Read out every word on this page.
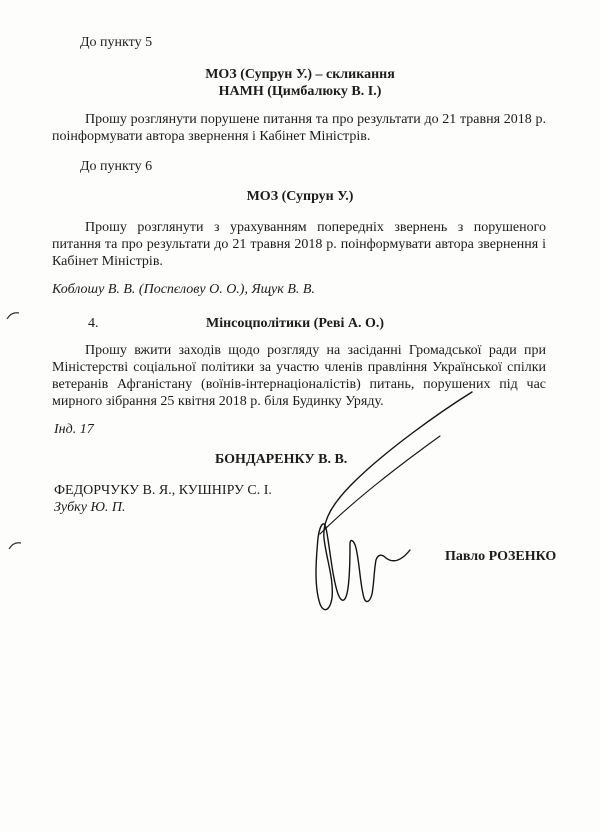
До пункту 5

МОЗ (Супрун У.) – скликання

НАМН (Цимбалюку В. І.)

Прошу розглянути порушене питання та про результати до 21 травня 2018 р. поінформувати автора звернення і Кабінет Міністрів.

До пункту 6

МОЗ (Супрун У.)

Прошу розглянути з урахуванням попередніх звернень з порушеного питання та про результати до 21 травня 2018 р. поінформувати автора звернення і Кабінет Міністрів.

Коблошу В. В. (Поспєлову О. О.), Ящук В. В.

4.	Мінсоцполітики (Реві А. О.)

Прошу вжити заходів щодо розгляду на засіданні Громадської ради при Міністерстві соціальної політики за участю членів правління Української спілки ветеранів Афганістану (воїнів-інтернаціоналістів) питань, порушених під час мирного зібрання 25 квітня 2018 р. біля Будинку Уряду.

Інд. 17

БОНДАРЕНКУ В. В.

ФЕДОРЧУКУ В. Я., КУШНІРУ С. І.

Зубку Ю. П.

Павло РОЗЕНКО
